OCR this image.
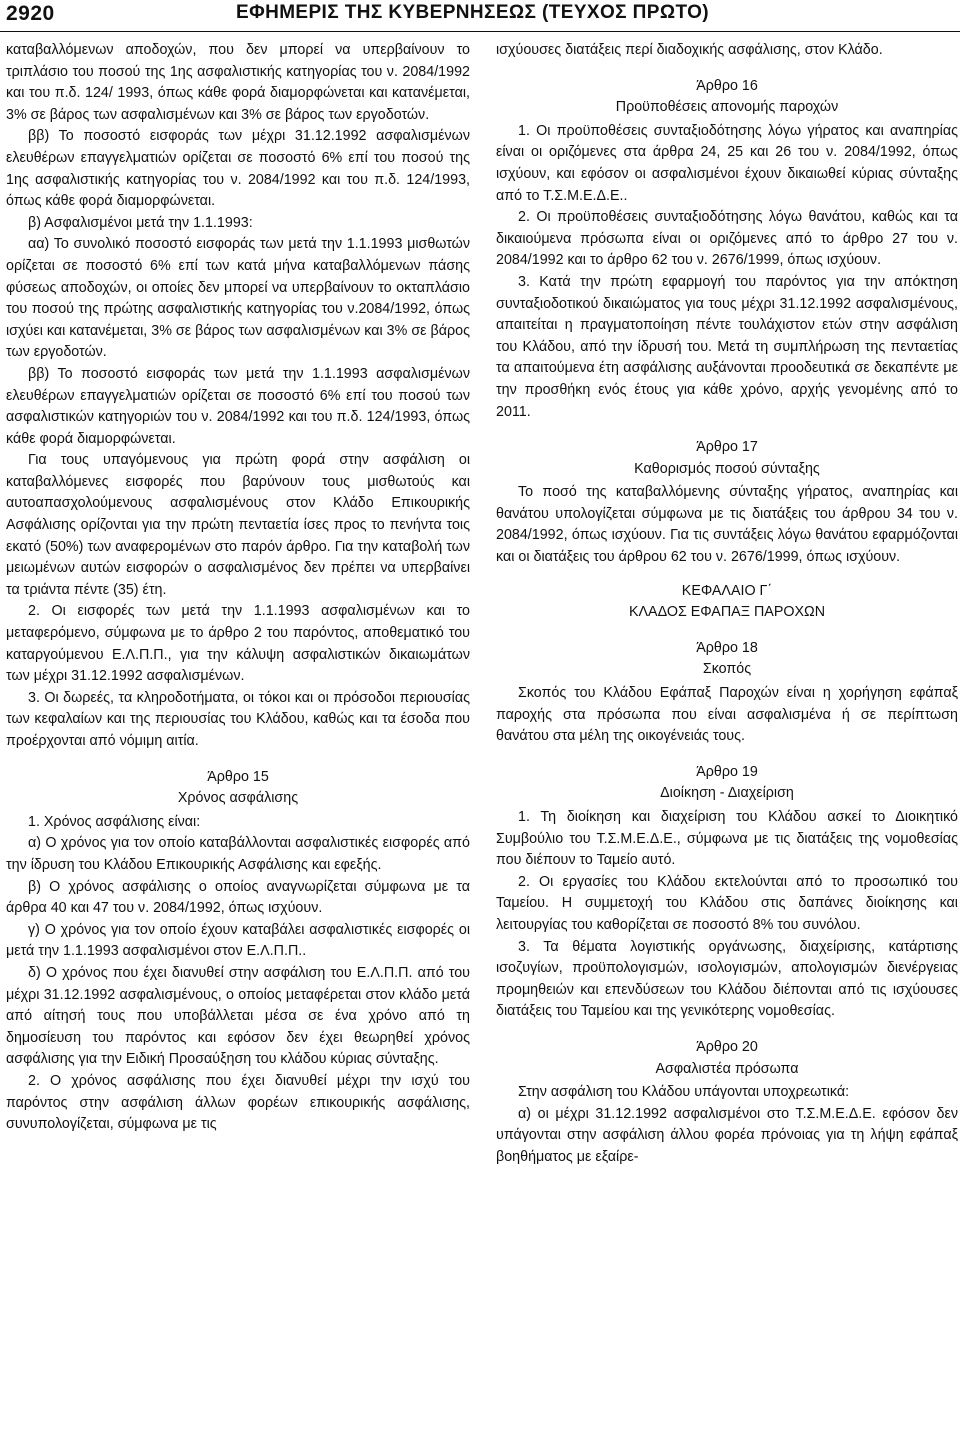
2920	ΕΦΗΜΕΡΙΣ ΤΗΣ ΚΥΒΕΡΝΗΣΕΩΣ (ΤΕΥΧΟΣ ΠΡΩΤΟ)

καταβαλλόμενων αποδοχών, που δεν μπορεί να υπερβαίνουν το τριπλάσιο του ποσού της 1ης ασφαλιστικής κατηγορίας του ν. 2084/1992 και του π.δ. 124/ 1993, όπως κάθε φορά διαμορφώνεται και κατανέμεται, 3% σε βάρος των ασφαλισμένων και 3% σε βάρος των εργοδοτών.

ββ) Το ποσοστό εισφοράς των μέχρι 31.12.1992 ασφαλισμένων ελευθέρων επαγγελματιών ορίζεται σε ποσοστό 6% επί του ποσού της 1ης ασφαλιστικής κατηγορίας του ν. 2084/1992 και του π.δ. 124/1993, όπως κάθε φορά διαμορφώνεται.

β) Ασφαλισμένοι μετά την 1.1.1993:

αα) Το συνολικό ποσοστό εισφοράς των μετά την 1.1.1993 μισθωτών ορίζεται σε ποσοστό 6% επί των κατά μήνα καταβαλλόμενων πάσης φύσεως αποδοχών, οι οποίες δεν μπορεί να υπερβαίνουν το οκταπλάσιο του ποσού της πρώτης ασφαλιστικής κατηγορίας του ν.2084/1992, όπως ισχύει και κατανέμεται, 3% σε βάρος των ασφαλισμένων και 3% σε βάρος των εργοδοτών.

ββ) Το ποσοστό εισφοράς των μετά την 1.1.1993 ασφαλισμένων ελευθέρων επαγγελματιών ορίζεται σε ποσοστό 6% επί του ποσού των ασφαλιστικών κατηγοριών του ν. 2084/1992 και του π.δ. 124/1993, όπως κάθε φορά διαμορφώνεται.

Για τους υπαγόμενους για πρώτη φορά στην ασφάλιση οι καταβαλλόμενες εισφορές που βαρύνουν τους μισθωτούς και αυτοαπασχολούμενους ασφαλισμένους στον Κλάδο Επικουρικής Ασφάλισης ορίζονται για την πρώτη πενταετία ίσες προς το πενήντα τοις εκατό (50%) των αναφερομένων στο παρόν άρθρο. Για την καταβολή των μειωμένων αυτών εισφορών ο ασφαλισμένος δεν πρέπει να υπερβαίνει τα τριάντα πέντε (35) έτη.

2. Οι εισφορές των μετά την 1.1.1993 ασφαλισμένων και το μεταφερόμενο, σύμφωνα με το άρθρο 2 του παρόντος, αποθεματικό του καταργούμενου Ε.Λ.Π.Π., για την κάλυψη ασφαλιστικών δικαιωμάτων των μέχρι 31.12.1992 ασφαλισμένων.

3. Οι δωρεές, τα κληροδοτήματα, οι τόκοι και οι πρόσοδοι περιουσίας των κεφαλαίων και της περιουσίας του Κλάδου, καθώς και τα έσοδα που προέρχονται από νόμιμη αιτία.

Άρθρο 15

Χρόνος ασφάλισης

1. Χρόνος ασφάλισης είναι:

α) Ο χρόνος για τον οποίο καταβάλλονται ασφαλιστικές εισφορές από την ίδρυση του Κλάδου Επικουρικής Ασφάλισης και εφεξής.

β) Ο χρόνος ασφάλισης ο οποίος αναγνωρίζεται σύμφωνα με τα άρθρα 40 και 47 του ν. 2084/1992, όπως ισχύουν.

γ) Ο χρόνος για τον οποίο έχουν καταβάλει ασφαλιστικές εισφορές οι μετά την 1.1.1993 ασφαλισμένοι στον Ε.Λ.Π.Π..

δ) Ο χρόνος που έχει διανυθεί στην ασφάλιση του Ε.Λ.Π.Π. από του μέχρι 31.12.1992 ασφαλισμένους, ο οποίος μεταφέρεται στον κλάδο μετά από αίτησή τους που υποβάλλεται μέσα σε ένα χρόνο από τη δημοσίευση του παρόντος και εφόσον δεν έχει θεωρηθεί χρόνος ασφάλισης για την Ειδική Προσαύξηση του κλάδου κύριας σύνταξης.

2. Ο χρόνος ασφάλισης που έχει διανυθεί μέχρι την ισχύ του παρόντος στην ασφάλιση άλλων φορέων επικουρικής ασφάλισης, συνυπολογίζεται, σύμφωνα με τις

ισχύουσες διατάξεις περί διαδοχικής ασφάλισης, στον Κλάδο.

Άρθρο 16

Προϋποθέσεις απονομής παροχών

1. Οι προϋποθέσεις συνταξιοδότησης λόγω γήρατος και αναπηρίας είναι οι οριζόμενες στα άρθρα 24, 25 και 26 του ν. 2084/1992, όπως ισχύουν, και εφόσον οι ασφαλισμένοι έχουν δικαιωθεί κύριας σύνταξης από το Τ.Σ.Μ.Ε.Δ.Ε..

2. Οι προϋποθέσεις συνταξιοδότησης λόγω θανάτου, καθώς και τα δικαιούμενα πρόσωπα είναι οι οριζόμενες από το άρθρο 27 του ν. 2084/1992 και το άρθρο 62 του ν. 2676/1999, όπως ισχύουν.

3. Κατά την πρώτη εφαρμογή του παρόντος για την απόκτηση συνταξιοδοτικού δικαιώματος για τους μέχρι 31.12.1992 ασφαλισμένους, απαιτείται η πραγματοποίηση πέντε τουλάχιστον ετών στην ασφάλιση του Κλάδου, από την ίδρυσή του. Μετά τη συμπλήρωση της πενταετίας τα απαιτούμενα έτη ασφάλισης αυξάνονται προοδευτικά σε δεκαπέντε με την προσθήκη ενός έτους για κάθε χρόνο, αρχής γενομένης από το 2011.

Άρθρο 17

Καθορισμός ποσού σύνταξης

Το ποσό της καταβαλλόμενης σύνταξης γήρατος, αναπηρίας και θανάτου υπολογίζεται σύμφωνα με τις διατάξεις του άρθρου 34 του ν. 2084/1992, όπως ισχύουν. Για τις συντάξεις λόγω θανάτου εφαρμόζονται και οι διατάξεις του άρθρου 62 του ν. 2676/1999, όπως ισχύουν.

ΚΕΦΑΛΑΙΟ Γ΄

ΚΛΑΔΟΣ ΕΦΑΠΑΞ ΠΑΡΟΧΩΝ

Άρθρο 18

Σκοπός

Σκοπός του Κλάδου Εφάπαξ Παροχών είναι η χορήγηση εφάπαξ παροχής στα πρόσωπα που είναι ασφαλισμένα ή σε περίπτωση θανάτου στα μέλη της οικογένειάς τους.

Άρθρο 19

Διοίκηση - Διαχείριση

1. Τη διοίκηση και διαχείριση του Κλάδου ασκεί το Διοικητικό Συμβούλιο του Τ.Σ.Μ.Ε.Δ.Ε., σύμφωνα με τις διατάξεις της νομοθεσίας που διέπουν το Ταμείο αυτό.

2. Οι εργασίες του Κλάδου εκτελούνται από το προσωπικό του Ταμείου. Η συμμετοχή του Κλάδου στις δαπάνες διοίκησης και λειτουργίας του καθορίζεται σε ποσοστό 8% του συνόλου.

3. Τα θέματα λογιστικής οργάνωσης, διαχείρισης, κατάρτισης ισοζυγίων, προϋπολογισμών, ισολογισμών, απολογισμών διενέργειας προμηθειών και επενδύσεων του Κλάδου διέπονται από τις ισχύουσες διατάξεις του Ταμείου και της γενικότερης νομοθεσίας.

Άρθρο 20

Ασφαλιστέα πρόσωπα

Στην ασφάλιση του Κλάδου υπάγονται υποχρεωτικά:

α) οι μέχρι 31.12.1992 ασφαλισμένοι στο Τ.Σ.Μ.Ε.Δ.Ε. εφόσον δεν υπάγονται στην ασφάλιση άλλου φορέα πρόνοιας για τη λήψη εφάπαξ βοηθήματος με εξαίρε-
